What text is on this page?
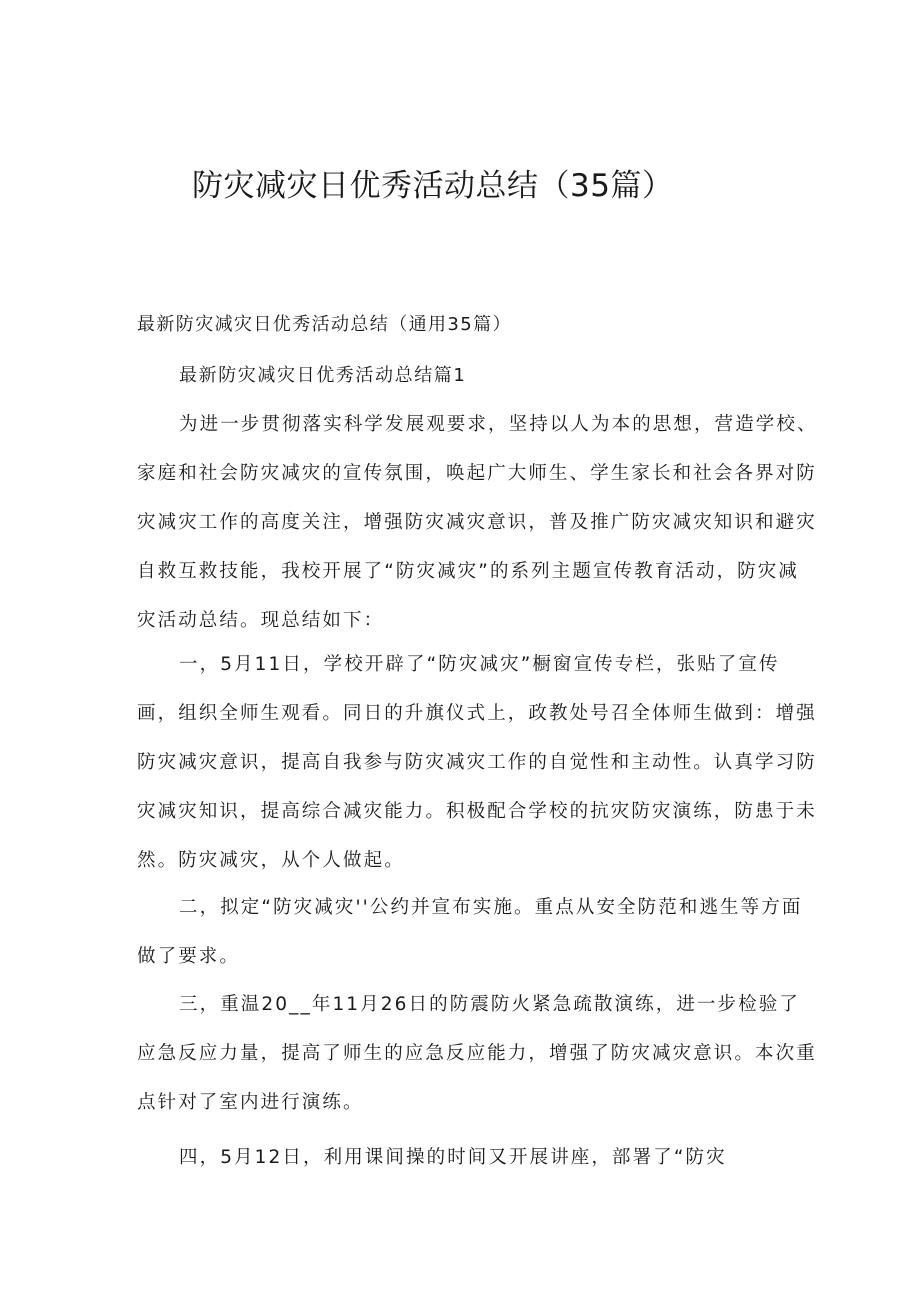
防灾减灾日优秀活动总结（35篇）

最新防灾减灾日优秀活动总结（通用35篇）

最新防灾减灾日优秀活动总结篇1

为进一步贯彻落实科学发展观要求，坚持以人为本的思想，营造学校、
家庭和社会防灾减灾的宣传氛围，唤起广大师生、学生家长和社会各界对防
灾减灾工作的高度关注，增强防灾减灾意识，普及推广防灾减灾知识和避灾
自救互救技能，我校开展了“防灾减灾”的系列主题宣传教育活动，防灾减
灾活动总结。现总结如下：

一，5月11日，学校开辟了“防灾减灾”橱窗宣传专栏，张贴了宣传
画，组织全师生观看。同日的升旗仪式上，政教处号召全体师生做到：增强
防灾减灾意识，提高自我参与防灾减灾工作的自觉性和主动性。认真学习防
灾减灾知识，提高综合减灾能力。积极配合学校的抗灾防灾演练，防患于未
然。防灾减灾，从个人做起。

二，拟定“防灾减灾''公约并宣布实施。重点从安全防范和逃生等方面
做了要求。

三，重温20__年11月26日的防震防火紧急疏散演练，进一步检验了
应急反应力量，提高了师生的应急反应能力，增强了防灾减灾意识。本次重
点针对了室内进行演练。

四，5月12日，利用课间操的时间又开展讲座，部署了“防灾
